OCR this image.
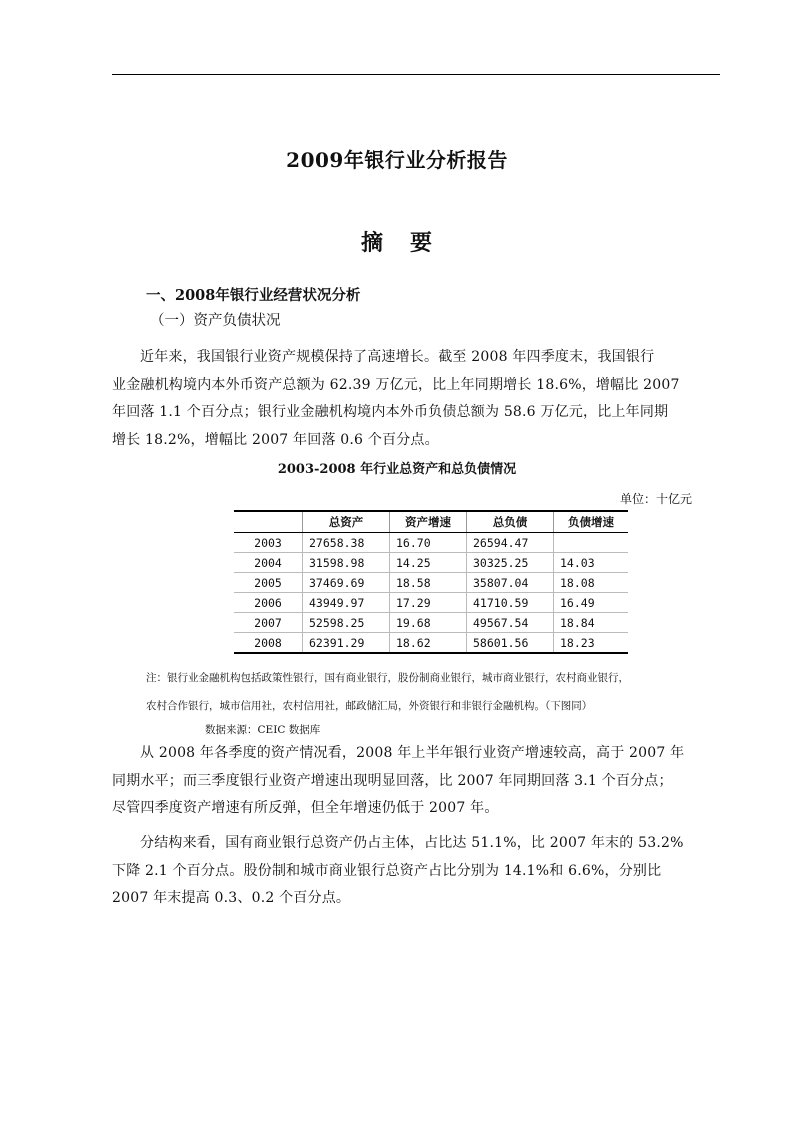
2009年银行业分析报告
摘 要
一、2008年银行业经营状况分析
（一）资产负债状况
近年来，我国银行业资产规模保持了高速增长。截至 2008 年四季度末，我国银行
业金融机构境内本外币资产总额为 62.39 万亿元，比上年同期增长 18.6%，增幅比 2007
年回落 1.1 个百分点；银行业金融机构境内本外币负债总额为 58.6 万亿元，比上年同期
增长 18.2%，增幅比 2007 年回落 0.6 个百分点。
2003-2008 年行业总资产和总负债情况
单位：十亿元
	总资产	资产增速	总负债	负债增速
2003	27658.38	16.70	26594.47	
2004	31598.98	14.25	30325.25	14.03
2005	37469.69	18.58	35807.04	18.08
2006	43949.97	17.29	41710.59	16.49
2007	52598.25	19.68	49567.54	18.84
2008	62391.29	18.62	58601.56	18.23
注：银行业金融机构包括政策性银行，国有商业银行，股份制商业银行，城市商业银行，农村商业银行，
农村合作银行，城市信用社，农村信用社，邮政储汇局，外资银行和非银行金融机构。（下图同）
数据来源：CEIC 数据库
从 2008 年各季度的资产情况看，2008 年上半年银行业资产增速较高，高于 2007 年
同期水平；而三季度银行业资产增速出现明显回落，比 2007 年同期回落 3.1 个百分点；
尽管四季度资产增速有所反弹，但全年增速仍低于 2007 年。
分结构来看，国有商业银行总资产仍占主体，占比达 51.1%，比 2007 年末的 53.2%
下降 2.1 个百分点。股份制和城市商业银行总资产占比分别为 14.1%和 6.6%，分别比
2007 年末提高 0.3、0.2 个百分点。
